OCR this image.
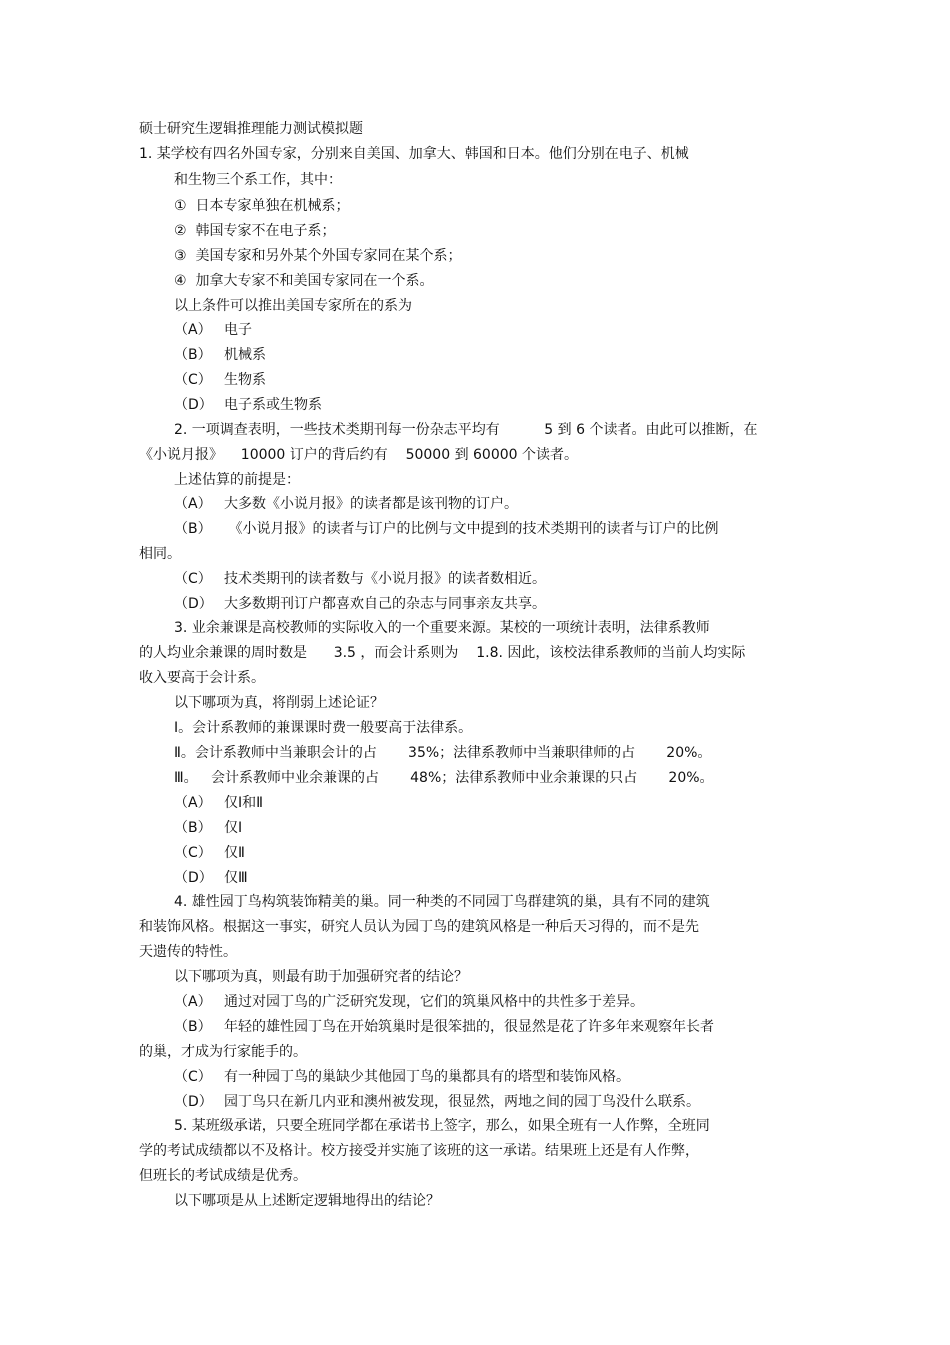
硕士研究生逻辑推理能力测试模拟题
1. 某学校有四名外国专家，分别来自美国、加拿大、韩国和日本。他们分别在电子、机械
和生物三个系工作，其中：
①  日本专家单独在机械系；
②  韩国专家不在电子系；
③  美国专家和另外某个外国专家同在某个系；
④  加拿大专家不和美国专家同在一个系。
以上条件可以推出美国专家所在的系为
（A） 电子
（B） 机械系
（C） 生物系
（D） 电子系或生物系
2. 一项调查表明，一些技术类期刊每一份杂志平均有          5 到 6 个读者。由此可以推断，在
《小说月报》    10000 订户的背后约有    50000 到 60000 个读者。
上述估算的前提是：
（A） 大多数《小说月报》的读者都是该刊物的订户。
（B） 《小说月报》的读者与订户的比例与文中提到的技术类期刊的读者与订户的比例
相同。
（C） 技术类期刊的读者数与《小说月报》的读者数相近。
（D） 大多数期刊订户都喜欢自己的杂志与同事亲友共享。
3. 业余兼课是高校教师的实际收入的一个重要来源。某校的一项统计表明，法律系教师
的人均业余兼课的周时数是      3.5 ，而会计系则为    1.8. 因此，该校法律系教师的当前人均实际
收入要高于会计系。
以下哪项为真，将削弱上述论证？
Ⅰ。会计系教师的兼课课时费一般要高于法律系。
Ⅱ。会计系教师中当兼职会计的占       35%；法律系教师中当兼职律师的占       20%。
Ⅲ。   会计系教师中业余兼课的占       48%；法律系教师中业余兼课的只占       20%。
（A） 仅Ⅰ和Ⅱ
（B） 仅Ⅰ
（C） 仅Ⅱ
（D） 仅Ⅲ
4. 雄性园丁鸟构筑装饰精美的巢。同一种类的不同园丁鸟群建筑的巢，具有不同的建筑
和装饰风格。根据这一事实，研究人员认为园丁鸟的建筑风格是一种后天习得的，而不是先
天遗传的特性。
以下哪项为真，则最有助于加强研究者的结论？
（A） 通过对园丁鸟的广泛研究发现，它们的筑巢风格中的共性多于差异。
（B） 年轻的雄性园丁鸟在开始筑巢时是很笨拙的，很显然是花了许多年来观察年长者
的巢，才成为行家能手的。
（C） 有一种园丁鸟的巢缺少其他园丁鸟的巢都具有的塔型和装饰风格。
（D） 园丁鸟只在新几内亚和澳州被发现，很显然，两地之间的园丁鸟没什么联系。
5. 某班级承诺，只要全班同学都在承诺书上签字，那么，如果全班有一人作弊，全班同
学的考试成绩都以不及格计。校方接受并实施了该班的这一承诺。结果班上还是有人作弊，
但班长的考试成绩是优秀。
以下哪项是从上述断定逻辑地得出的结论？
